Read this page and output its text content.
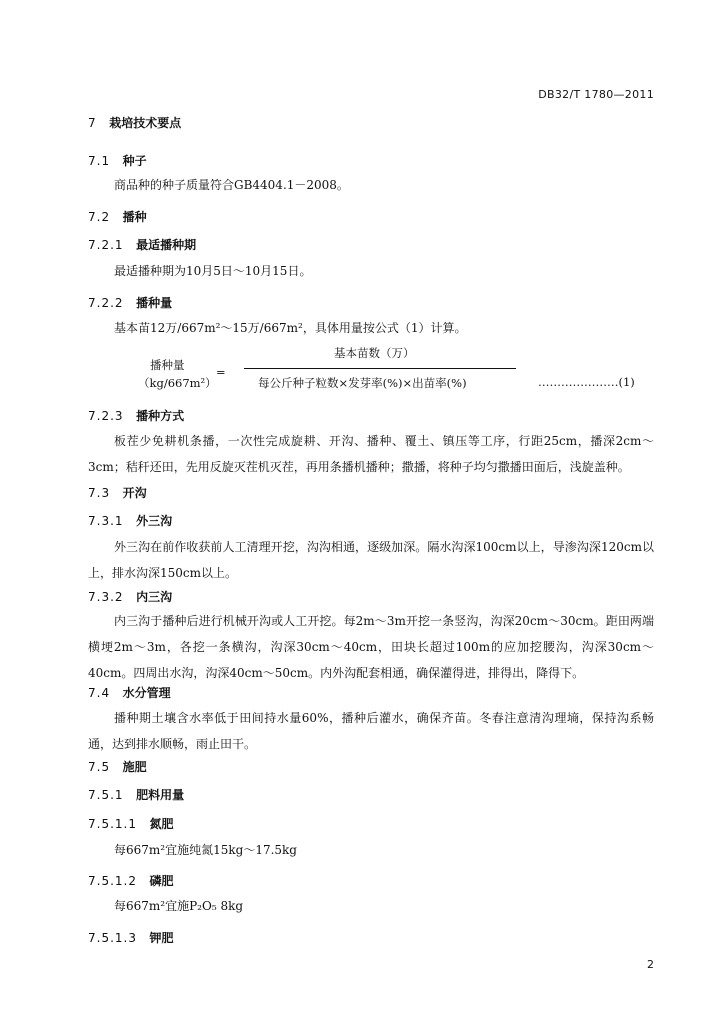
DB32/T 1780—2011
7 栽培技术要点
7.1 种子
商品种的种子质量符合GB4404.1－2008。
7.2 播种
7.2.1 最适播种期
最适播种期为10月5日～10月15日。
7.2.2 播种量
基本苗12万/667m²～15万/667m²，具体用量按公式（1）计算。
播种量
（kg/667m²）
=
基本苗数（万）
每公斤种子粒数×发芽率(%)×出苗率(%)	…………………(1)
7.2.3 播种方式
板茬少免耕机条播，一次性完成旋耕、开沟、播种、覆土、镇压等工序，行距25cm，播深2cm～3cm；秸秆还田，先用反旋灭茬机灭茬，再用条播机播种；撒播，将种子均匀撒播田面后，浅旋盖种。
7.3 开沟
7.3.1 外三沟
外三沟在前作收获前人工清理开挖，沟沟相通，逐级加深。隔水沟深100cm以上，导渗沟深120cm以上，排水沟深150cm以上。
7.3.2 内三沟
内三沟于播种后进行机械开沟或人工开挖。每2m～3m开挖一条竖沟，沟深20cm～30cm。距田两端横埂2m～3m，各挖一条横沟，沟深30cm～40cm，田块长超过100m的应加挖腰沟，沟深30cm～40cm。四周出水沟，沟深40cm～50cm。内外沟配套相通，确保灌得进，排得出，降得下。
7.4 水分管理
播种期土壤含水率低于田间持水量60%，播种后灌水，确保齐苗。冬春注意清沟理墒，保持沟系畅通，达到排水顺畅，雨止田干。
7.5 施肥
7.5.1 肥料用量
7.5.1.1 氮肥
每667m²宜施纯氮15kg～17.5kg
7.5.1.2 磷肥
每667m²宜施P₂O₅ 8kg
7.5.1.3 钾肥
2
